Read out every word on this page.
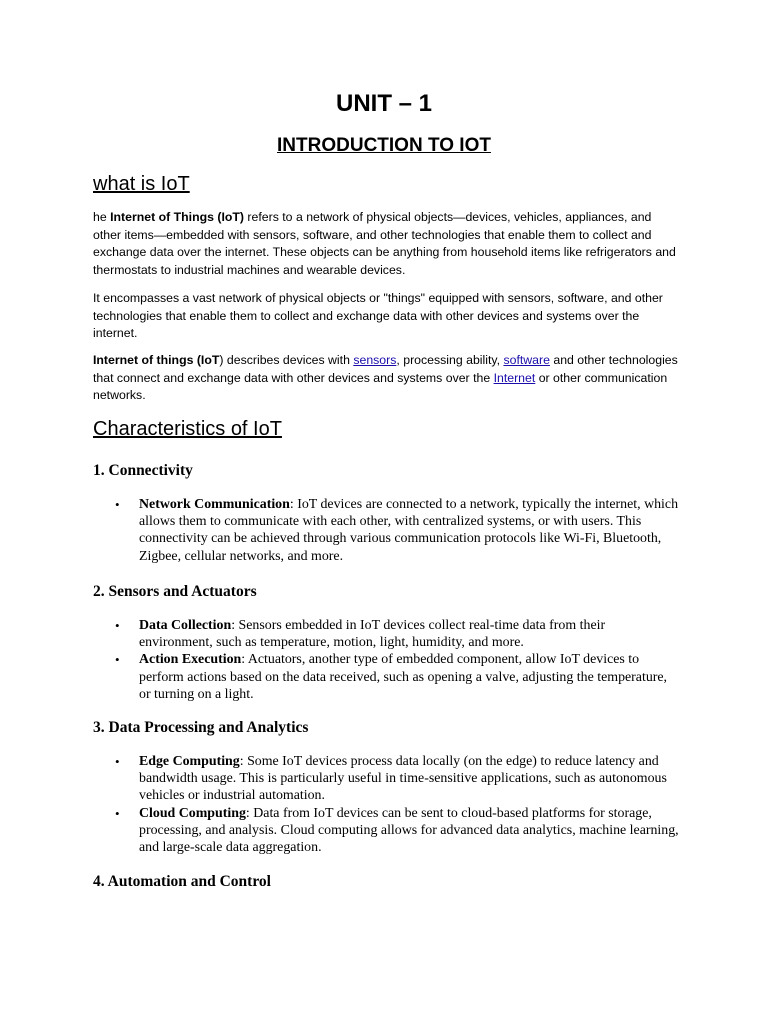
UNIT – 1
INTRODUCTION TO IOT
what is IoT

he Internet of Things (IoT) refers to a network of physical objects—devices, vehicles, appliances, and other items—embedded with sensors, software, and other technologies that enable them to collect and exchange data over the internet. These objects can be anything from household items like refrigerators and thermostats to industrial machines and wearable devices.

It encompasses a vast network of physical objects or "things" equipped with sensors, software, and other technologies that enable them to collect and exchange data with other devices and systems over the internet.

Internet of things (IoT) describes devices with sensors, processing ability, software and other technologies that connect and exchange data with other devices and systems over the Internet or other communication networks.

Characteristics of IoT
1. Connectivity
• Network Communication: IoT devices are connected to a network, typically the internet, which allows them to communicate with each other, with centralized systems, or with users. This connectivity can be achieved through various communication protocols like Wi-Fi, Bluetooth, Zigbee, cellular networks, and more.
2. Sensors and Actuators
• Data Collection: Sensors embedded in IoT devices collect real-time data from their environment, such as temperature, motion, light, humidity, and more.
• Action Execution: Actuators, another type of embedded component, allow IoT devices to perform actions based on the data received, such as opening a valve, adjusting the temperature, or turning on a light.
3. Data Processing and Analytics
• Edge Computing: Some IoT devices process data locally (on the edge) to reduce latency and bandwidth usage. This is particularly useful in time-sensitive applications, such as autonomous vehicles or industrial automation.
• Cloud Computing: Data from IoT devices can be sent to cloud-based platforms for storage, processing, and analysis. Cloud computing allows for advanced data analytics, machine learning, and large-scale data aggregation.
4. Automation and Control
